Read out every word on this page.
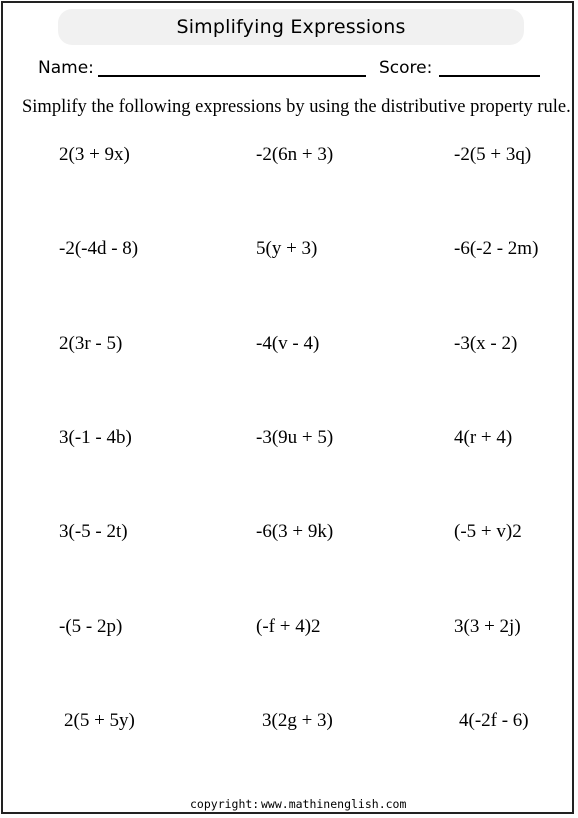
Simplifying Expressions
Name:	Score:
Simplify the following expressions by using the distributive property rule.
2(3 + 9x)	-2(6n + 3)	-2(5 + 3q)
-2(-4d - 8)	5(y + 3)	-6(-2 - 2m)
2(3r - 5)	-4(v - 4)	-3(x - 2)
3(-1 - 4b)	-3(9u + 5)	4(r + 4)
3(-5 - 2t)	-6(3 + 9k)	(-5 + v)2
-(5 - 2p)	(-f + 4)2	3(3 + 2j)
2(5 + 5y)	3(2g + 3)	4(-2f - 6)
copyright: www.mathinenglish.com
